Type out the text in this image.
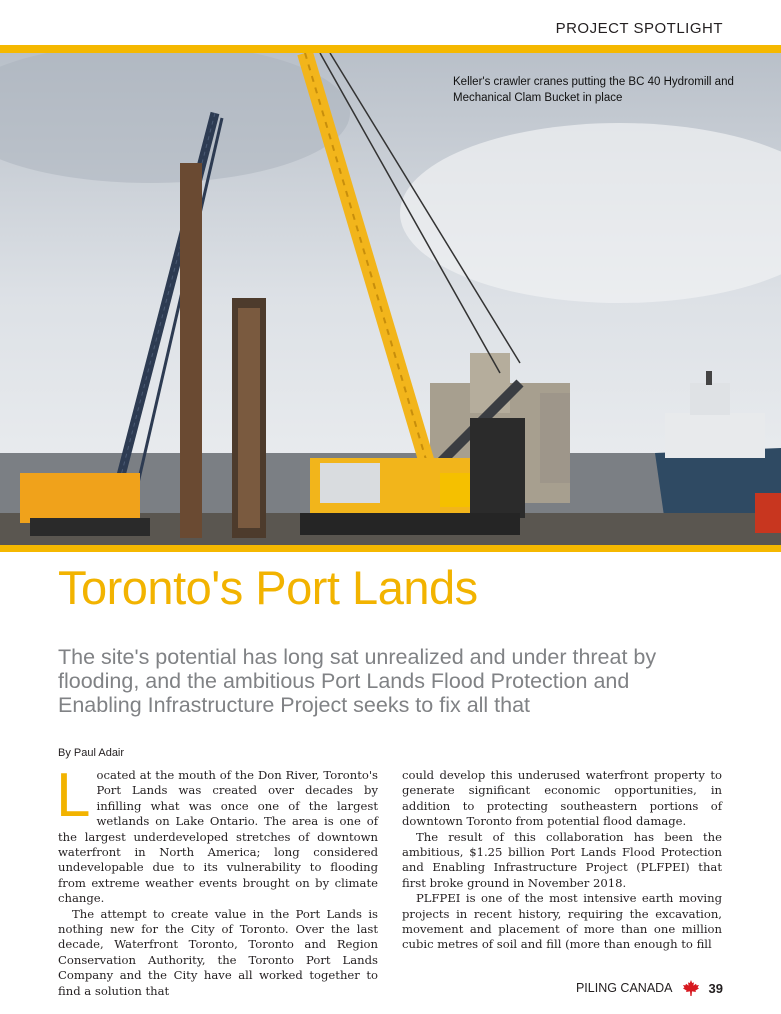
PROJECT SPOTLIGHT
Keller's crawler cranes putting the BC 40 Hydromill and Mechanical Clam Bucket in place
Toronto's Port Lands
The site's potential has long sat unrealized and under threat by flooding, and the ambitious Port Lands Flood Protection and Enabling Infrastructure Project seeks to fix all that
By Paul Adair

Located at the mouth of the Don River, Toronto's Port Lands was created over decades by infilling what was once one of the largest wetlands on Lake Ontario. The area is one of the largest underdeveloped stretches of downtown waterfront in North America; long considered undevelopable due to its vulnerability to flooding from extreme weather events brought on by climate change.

The attempt to create value in the Port Lands is nothing new for the City of Toronto. Over the last decade, Waterfront Toronto, Toronto and Region Conservation Authority, the Toronto Port Lands Company and the City have all worked together to find a solution that

could develop this underused waterfront property to generate significant economic opportunities, in addition to protecting southeastern portions of downtown Toronto from potential flood damage.

The result of this collaboration has been the ambitious, $1.25 billion Port Lands Flood Protection and Enabling Infrastructure Project (PLFPEI) that first broke ground in November 2018.

PLFPEI is one of the most intensive earth moving projects in recent history, requiring the excavation, movement and placement of more than one million cubic metres of soil and fill (more than enough to fill

PILING CANADA	39
